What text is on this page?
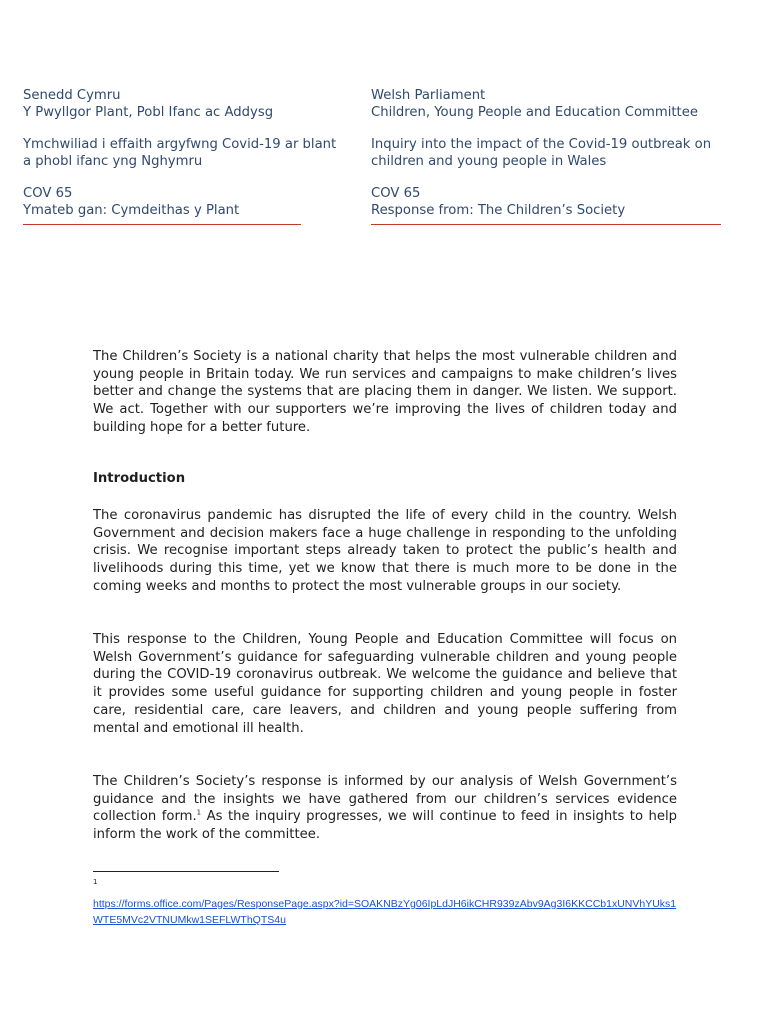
Senedd Cymru
Y Pwyllgor Plant, Pobl Ifanc ac Addysg
Ymchwiliad i effaith argyfwng Covid-19 ar blant
a phobl ifanc yng Nghymru
COV 65
Ymateb gan: Cymdeithas y Plant
Welsh Parliament
Children, Young People and Education Committee
Inquiry into the impact of the Covid-19 outbreak on
children and young people in Wales
COV 65
Response from: The Children’s Society

The Children’s Society is a national charity that helps the most vulnerable children and young people in Britain today. We run services and campaigns to make children’s lives better and change the systems that are placing them in danger. We listen. We support. We act. Together with our supporters we’re improving the lives of children today and building hope for a better future.

Introduction

The coronavirus pandemic has disrupted the life of every child in the country. Welsh Government and decision makers face a huge challenge in responding to the unfolding crisis. We recognise important steps already taken to protect the public’s health and livelihoods during this time, yet we know that there is much more to be done in the coming weeks and months to protect the most vulnerable groups in our society.

This response to the Children, Young People and Education Committee will focus on Welsh Government’s guidance for safeguarding vulnerable children and young people during the COVID-19 coronavirus outbreak. We welcome the guidance and believe that it provides some useful guidance for supporting children and young people in foster care, residential care, care leavers, and children and young people suffering from mental and emotional ill health.

The Children’s Society’s response is informed by our analysis of Welsh Government’s guidance and the insights we have gathered from our children’s services evidence collection form.$^1$ As the inquiry progresses, we will continue to feed in insights to help inform the work of the committee.

1
https://forms.office.com/Pages/ResponsePage.aspx?id=SOAKNBzYg06IpLdJH6ikCHR939zAbv9Ag3I6KKCCb1xUNVhYUks1WTE5MVc2VTNUMkw1SEFLWThQTS4u
